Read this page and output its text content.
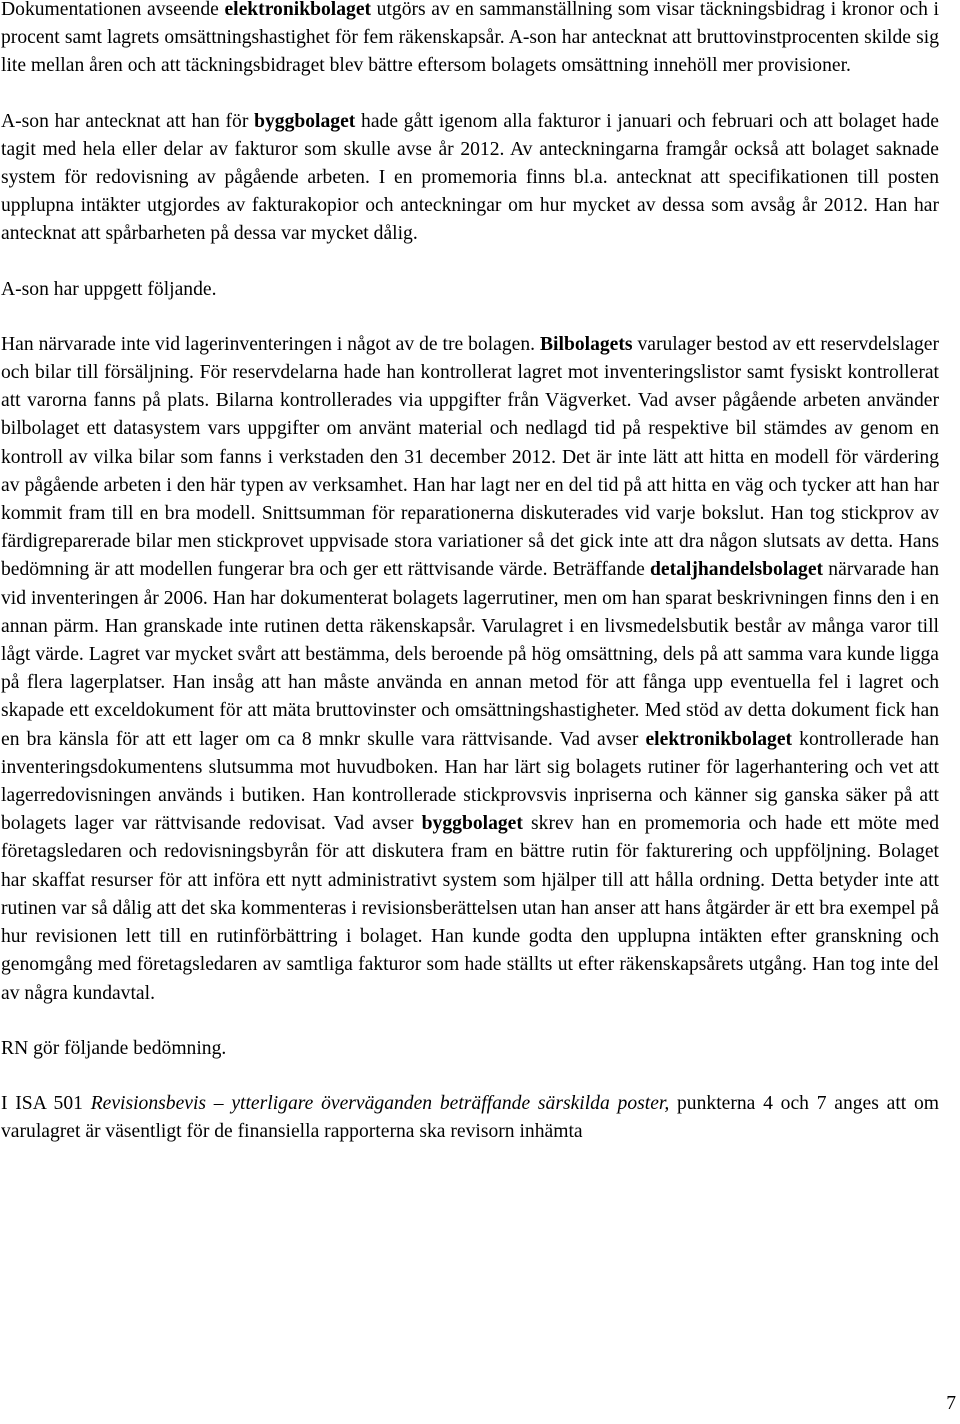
Dokumentationen avseende elektronikbolaget utgörs av en sammanställning som visar täckningsbidrag i kronor och i procent samt lagrets omsättningshastighet för fem räkenskapsår. A-son har antecknat att bruttovinstprocenten skilde sig lite mellan åren och att täckningsbidraget blev bättre eftersom bolagets omsättning innehöll mer provisioner.

A-son har antecknat att han för byggbolaget hade gått igenom alla fakturor i januari och februari och att bolaget hade tagit med hela eller delar av fakturor som skulle avse år 2012. Av anteckningarna framgår också att bolaget saknade system för redovisning av pågående arbeten. I en promemoria finns bl.a. antecknat att specifikationen till posten upplupna intäkter utgjordes av fakturakopior och anteckningar om hur mycket av dessa som avsåg år 2012. Han har antecknat att spårbarheten på dessa var mycket dålig.

A-son har uppgett följande.

Han närvarade inte vid lagerinventeringen i något av de tre bolagen. Bilbolagets varulager bestod av ett reservdelslager och bilar till försäljning. För reservdelarna hade han kontrollerat lagret mot inventeringslistor samt fysiskt kontrollerat att varorna fanns på plats. Bilarna kontrollerades via uppgifter från Vägverket. Vad avser pågående arbeten använder bilbolaget ett datasystem vars uppgifter om använt material och nedlagd tid på respektive bil stämdes av genom en kontroll av vilka bilar som fanns i verkstaden den 31 december 2012. Det är inte lätt att hitta en modell för värdering av pågående arbeten i den här typen av verksamhet. Han har lagt ner en del tid på att hitta en väg och tycker att han har kommit fram till en bra modell. Snittsumman för reparationerna diskuterades vid varje bokslut. Han tog stickprov av färdigreparerade bilar men stickprovet uppvisade stora variationer så det gick inte att dra någon slutsats av detta. Hans bedömning är att modellen fungerar bra och ger ett rättvisande värde. Beträffande detaljhandelsbolaget närvarade han vid inventeringen år 2006. Han har dokumenterat bolagets lagerrutiner, men om han sparat beskrivningen finns den i en annan pärm. Han granskade inte rutinen detta räkenskapsår. Varulagret i en livsmedelsbutik består av många varor till lågt värde. Lagret var mycket svårt att bestämma, dels beroende på hög omsättning, dels på att samma vara kunde ligga på flera lagerplatser. Han insåg att han måste använda en annan metod för att fånga upp eventuella fel i lagret och skapade ett exceldokument för att mäta bruttovinster och omsättningshastigheter. Med stöd av detta dokument fick han en bra känsla för att ett lager om ca 8 mnkr skulle vara rättvisande. Vad avser elektronikbolaget kontrollerade han inventeringsdokumentens slutsumma mot huvudboken. Han har lärt sig bolagets rutiner för lagerhantering och vet att lagerredovisningen används i butiken. Han kontrollerade stickprovsvis inpriserna och känner sig ganska säker på att bolagets lager var rättvisande redovisat. Vad avser byggbolaget skrev han en promemoria och hade ett möte med företagsledaren och redovisningsbyrån för att diskutera fram en bättre rutin för fakturering och uppföljning. Bolaget har skaffat resurser för att införa ett nytt administrativt system som hjälper till att hålla ordning. Detta betyder inte att rutinen var så dålig att det ska kommenteras i revisionsberättelsen utan han anser att hans åtgärder är ett bra exempel på hur revisionen lett till en rutinförbättring i bolaget. Han kunde godta den upplupna intäkten efter granskning och genomgång med företagsledaren av samtliga fakturor som hade ställts ut efter räkenskapsårets utgång. Han tog inte del av några kundavtal.

RN gör följande bedömning.

I ISA 501 Revisionsbevis – ytterligare överväganden beträffande särskilda poster, punkterna 4 och 7 anges att om varulagret är väsentligt för de finansiella rapporterna ska revisorn inhämta

7
